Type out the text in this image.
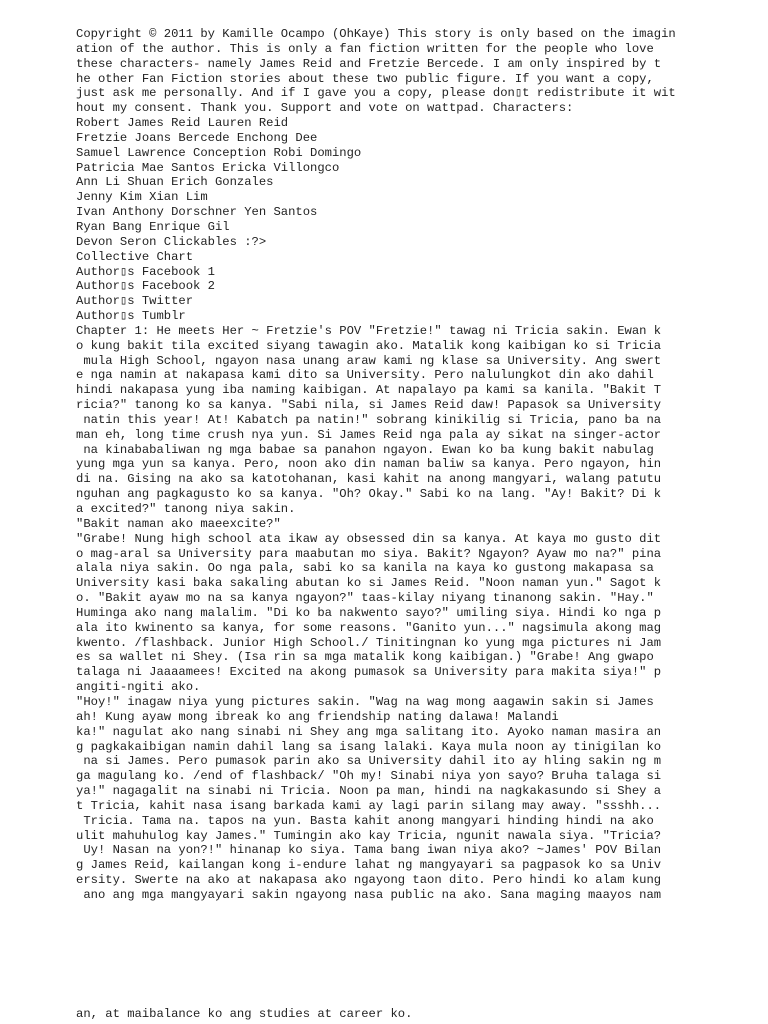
Copyright © 2011 by Kamille Ocampo (OhKaye) This story is only based on the imagin
ation of the author. This is only a fan fiction written for the people who love
these characters- namely James Reid and Fretzie Bercede. I am only inspired by t
he other Fan Fiction stories about these two public figure. If you want a copy,
just ask me personally. And if I gave you a copy, please don▯t redistribute it wit
hout my consent. Thank you. Support and vote on wattpad. Characters:
Robert James Reid Lauren Reid
Fretzie Joans Bercede Enchong Dee
Samuel Lawrence Conception Robi Domingo
Patricia Mae Santos Ericka Villongco
Ann Li Shuan Erich Gonzales
Jenny Kim Xian Lim
Ivan Anthony Dorschner Yen Santos
Ryan Bang Enrique Gil
Devon Seron Clickables :?>
Collective Chart
Author▯s Facebook 1
Author▯s Facebook 2
Author▯s Twitter
Author▯s Tumblr
Chapter 1: He meets Her ~ Fretzie's POV "Fretzie!" tawag ni Tricia sakin. Ewan k
o kung bakit tila excited siyang tawagin ako. Matalik kong kaibigan ko si Tricia
mula High School, ngayon nasa unang araw kami ng klase sa University. Ang swert
e nga namin at nakapasa kami dito sa University. Pero nalulungkot din ako dahil
hindi nakapasa yung iba naming kaibigan. At napalayo pa kami sa kanila. "Bakit T
ricia?" tanong ko sa kanya. "Sabi nila, si James Reid daw! Papasok sa University
natin this year! At! Kabatch pa natin!" sobrang kinikilig si Tricia, pano ba na
man eh, long time crush nya yun. Si James Reid nga pala ay sikat na singer-actor
na kinababaliwan ng mga babae sa panahon ngayon. Ewan ko ba kung bakit nabulag
yung mga yun sa kanya. Pero, noon ako din naman baliw sa kanya. Pero ngayon, hin
di na. Gising na ako sa katotohanan, kasi kahit na anong mangyari, walang patutu
nguhan ang pagkagusto ko sa kanya. "Oh? Okay." Sabi ko na lang. "Ay! Bakit? Di k
a excited?" tanong niya sakin.
"Bakit naman ako maeexcite?"
"Grabe! Nung high school ata ikaw ay obsessed din sa kanya. At kaya mo gusto dit
o mag-aral sa University para maabutan mo siya. Bakit? Ngayon? Ayaw mo na?" pina
alala niya sakin. Oo nga pala, sabi ko sa kanila na kaya ko gustong makapasa sa
University kasi baka sakaling abutan ko si James Reid. "Noon naman yun." Sagot k
o. "Bakit ayaw mo na sa kanya ngayon?" taas-kilay niyang tinanong sakin. "Hay."
Huminga ako nang malalim. "Di ko ba nakwento sayo?" umiling siya. Hindi ko nga p
ala ito kwinento sa kanya, for some reasons. "Ganito yun..." nagsimula akong mag
kwento. /flashback. Junior High School./ Tinitingnan ko yung mga pictures ni Jam
es sa wallet ni Shey. (Isa rin sa mga matalik kong kaibigan.) "Grabe! Ang gwapo
talaga ni Jaaaamees! Excited na akong pumasok sa University para makita siya!" p
angiti-ngiti ako.
"Hoy!" inagaw niya yung pictures sakin. "Wag na wag mong aagawin sakin si James
ah! Kung ayaw mong ibreak ko ang friendship nating dalawa! Malandi
ka!" nagulat ako nang sinabi ni Shey ang mga salitang ito. Ayoko naman masira an
g pagkakaibigan namin dahil lang sa isang lalaki. Kaya mula noon ay tinigilan ko
na si James. Pero pumasok parin ako sa University dahil ito ay hling sakin ng m
ga magulang ko. /end of flashback/ "Oh my! Sinabi niya yon sayo? Bruha talaga si
ya!" nagagalit na sinabi ni Tricia. Noon pa man, hindi na nagkakasundo si Shey a
t Tricia, kahit nasa isang barkada kami ay lagi parin silang may away. "ssshh...
Tricia. Tama na. tapos na yun. Basta kahit anong mangyari hinding hindi na ako
ulit mahuhulog kay James." Tumingin ako kay Tricia, ngunit nawala siya. "Tricia?
Uy! Nasan na yon?!" hinanap ko siya. Tama bang iwan niya ako? ~James' POV Bilan
g James Reid, kailangan kong i-endure lahat ng mangyayari sa pagpasok ko sa Univ
ersity. Swerte na ako at nakapasa ako ngayong taon dito. Pero hindi ko alam kung
ano ang mga mangyayari sakin ngayong nasa public na ako. Sana maging maayos nam
an, at maibalance ko ang studies at career ko.
